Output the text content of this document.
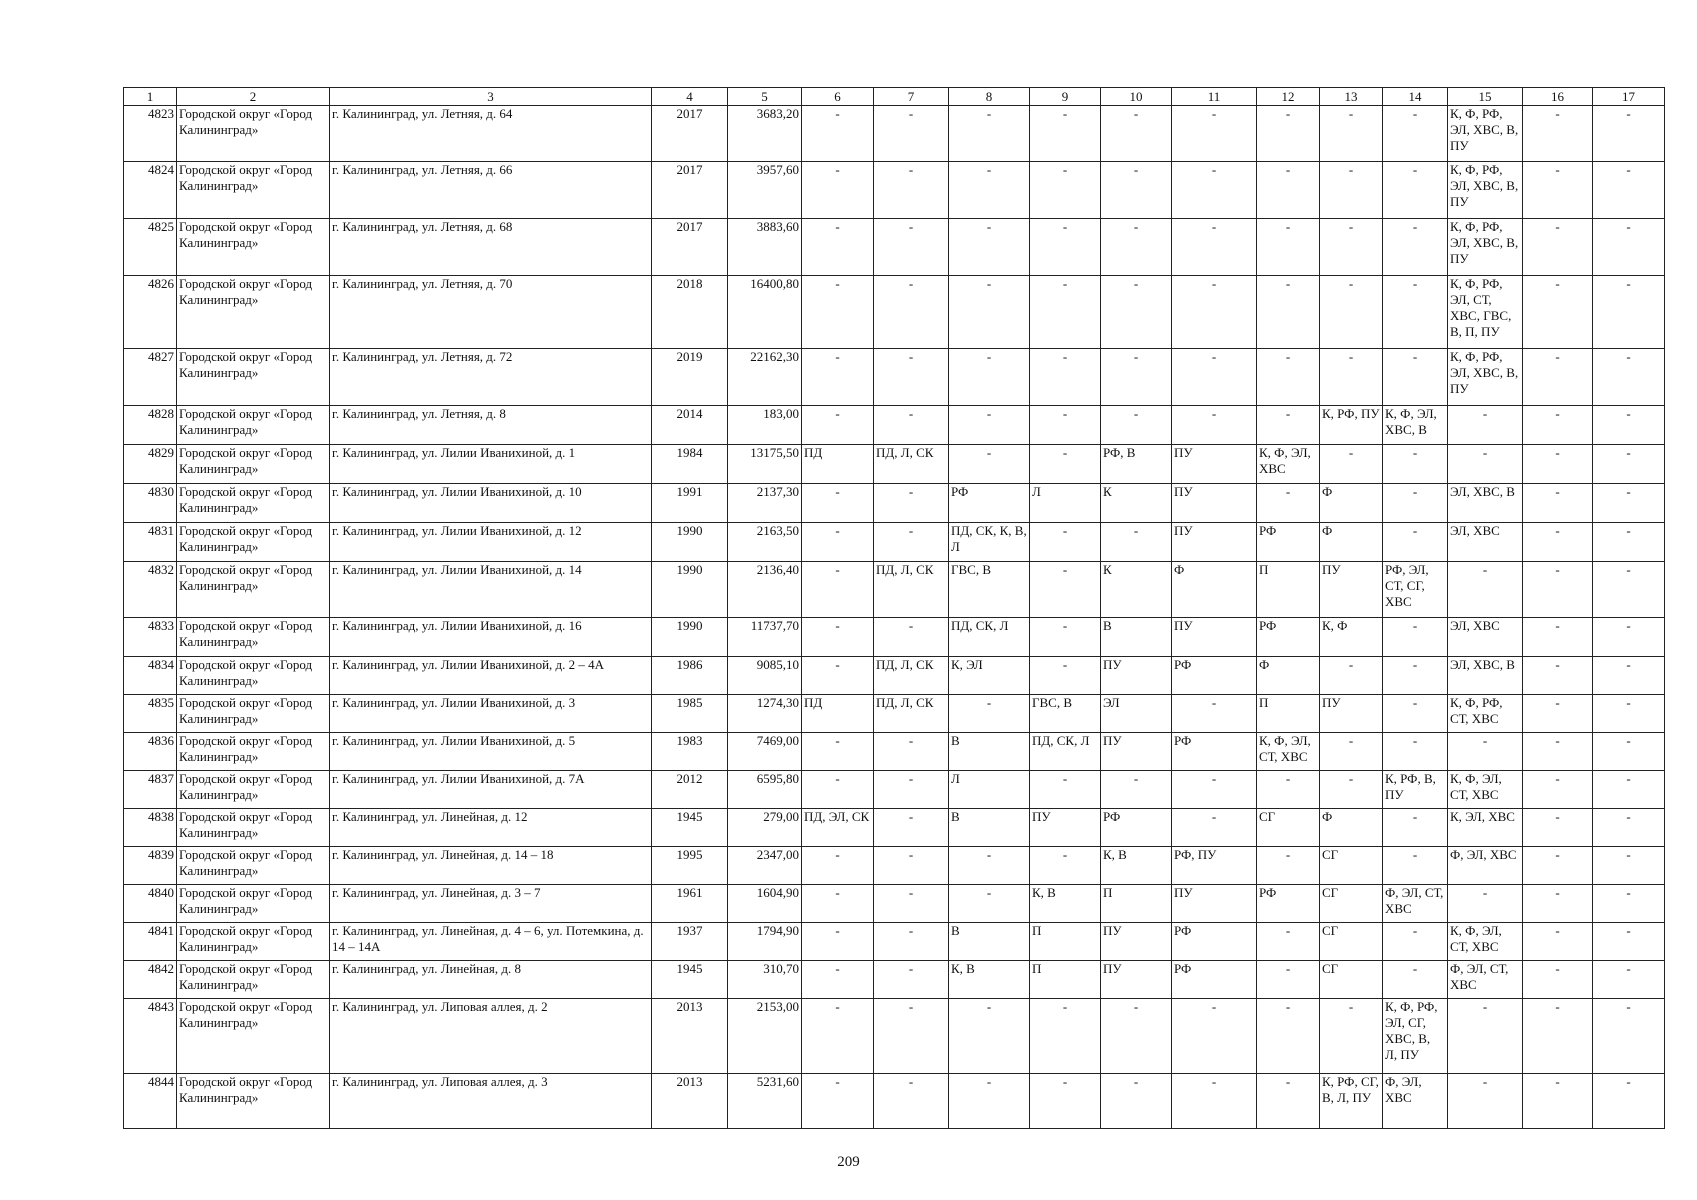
1	2	3	4	5	6	7	8	9	10	11	12	13	14	15	16	17
4823	Городской округ «Город Калининград»	г. Калининград, ул. Летняя, д. 64	2017	3683,20	-	-	-	-	-	-	-	-	-	К, Ф, РФ, ЭЛ, ХВС, В, ПУ	-	-
4824	Городской округ «Город Калининград»	г. Калининград, ул. Летняя, д. 66	2017	3957,60	-	-	-	-	-	-	-	-	-	К, Ф, РФ, ЭЛ, ХВС, В, ПУ	-	-
4825	Городской округ «Город Калининград»	г. Калининград, ул. Летняя, д. 68	2017	3883,60	-	-	-	-	-	-	-	-	-	К, Ф, РФ, ЭЛ, ХВС, В, ПУ	-	-
4826	Городской округ «Город Калининград»	г. Калининград, ул. Летняя, д. 70	2018	16400,80	-	-	-	-	-	-	-	-	-	К, Ф, РФ, ЭЛ, СТ, ХВС, ГВС, В, П, ПУ	-	-
4827	Городской округ «Город Калининград»	г. Калининград, ул. Летняя, д. 72	2019	22162,30	-	-	-	-	-	-	-	-	-	К, Ф, РФ, ЭЛ, ХВС, В, ПУ	-	-
4828	Городской округ «Город Калининград»	г. Калининград, ул. Летняя, д. 8	2014	183,00	-	-	-	-	-	-	-	К, РФ, ПУ	К, Ф, ЭЛ, ХВС, В	-	-	-
4829	Городской округ «Город Калининград»	г. Калининград, ул. Лилии Иванихиной, д. 1	1984	13175,50	ПД	ПД, Л, СК	-	-	РФ, В	ПУ	К, Ф, ЭЛ, ХВС	-	-	-	-	-
4830	Городской округ «Город Калининград»	г. Калининград, ул. Лилии Иванихиной, д. 10	1991	2137,30	-	-	РФ	Л	К	ПУ	-	Ф	-	ЭЛ, ХВС, В	-	-
4831	Городской округ «Город Калининград»	г. Калининград, ул. Лилии Иванихиной, д. 12	1990	2163,50	-	-	ПД, СК, К, В, Л	-	-	ПУ	РФ	Ф	-	ЭЛ, ХВС	-	-
4832	Городской округ «Город Калининград»	г. Калининград, ул. Лилии Иванихиной, д. 14	1990	2136,40	-	ПД, Л, СК	ГВС, В	-	К	Ф	П	ПУ	РФ, ЭЛ, СТ, СГ, ХВС	-	-	-
4833	Городской округ «Город Калининград»	г. Калининград, ул. Лилии Иванихиной, д. 16	1990	11737,70	-	-	ПД, СК, Л	-	В	ПУ	РФ	К, Ф	-	ЭЛ, ХВС	-	-
4834	Городской округ «Город Калининград»	г. Калининград, ул. Лилии Иванихиной, д. 2 – 4А	1986	9085,10	-	ПД, Л, СК	К, ЭЛ	-	ПУ	РФ	Ф	-	-	ЭЛ, ХВС, В	-	-
4835	Городской округ «Город Калининград»	г. Калининград, ул. Лилии Иванихиной, д. 3	1985	1274,30	ПД	ПД, Л, СК	-	ГВС, В	ЭЛ	-	П	ПУ	-	К, Ф, РФ, СТ, ХВС	-	-
4836	Городской округ «Город Калининград»	г. Калининград, ул. Лилии Иванихиной, д. 5	1983	7469,00	-	-	В	ПД, СК, Л	ПУ	РФ	К, Ф, ЭЛ, СТ, ХВС	-	-	-	-	-
4837	Городской округ «Город Калининград»	г. Калининград, ул. Лилии Иванихиной, д. 7А	2012	6595,80	-	-	Л	-	-	-	-	-	К, РФ, В, ПУ	К, Ф, ЭЛ, СТ, ХВС	-	-
4838	Городской округ «Город Калининград»	г. Калининград, ул. Линейная, д. 12	1945	279,00	ПД, ЭЛ, СК	-	В	ПУ	РФ	-	СГ	Ф	-	К, ЭЛ, ХВС	-	-
4839	Городской округ «Город Калининград»	г. Калининград, ул. Линейная, д. 14 – 18	1995	2347,00	-	-	-	-	К, В	РФ, ПУ	-	СГ	-	Ф, ЭЛ, ХВС	-	-
4840	Городской округ «Город Калининград»	г. Калининград, ул. Линейная, д. 3 – 7	1961	1604,90	-	-	-	К, В	П	ПУ	РФ	СГ	Ф, ЭЛ, СТ, ХВС	-	-	-
4841	Городской округ «Город Калининград»	г. Калининград, ул. Линейная, д. 4 – 6, ул. Потемкина, д. 14 – 14А	1937	1794,90	-	-	В	П	ПУ	РФ	-	СГ	-	К, Ф, ЭЛ, СТ, ХВС	-	-
4842	Городской округ «Город Калининград»	г. Калининград, ул. Линейная, д. 8	1945	310,70	-	-	К, В	П	ПУ	РФ	-	СГ	-	Ф, ЭЛ, СТ, ХВС	-	-
4843	Городской округ «Город Калининград»	г. Калининград, ул. Липовая аллея, д. 2	2013	2153,00	-	-	-	-	-	-	-	-	К, Ф, РФ, ЭЛ, СГ, ХВС, В, Л, ПУ	-	-	-
4844	Городской округ «Город Калининград»	г. Калининград, ул. Липовая аллея, д. 3	2013	5231,60	-	-	-	-	-	-	-	К, РФ, СГ, В, Л, ПУ	Ф, ЭЛ, ХВС	-	-	-
209
